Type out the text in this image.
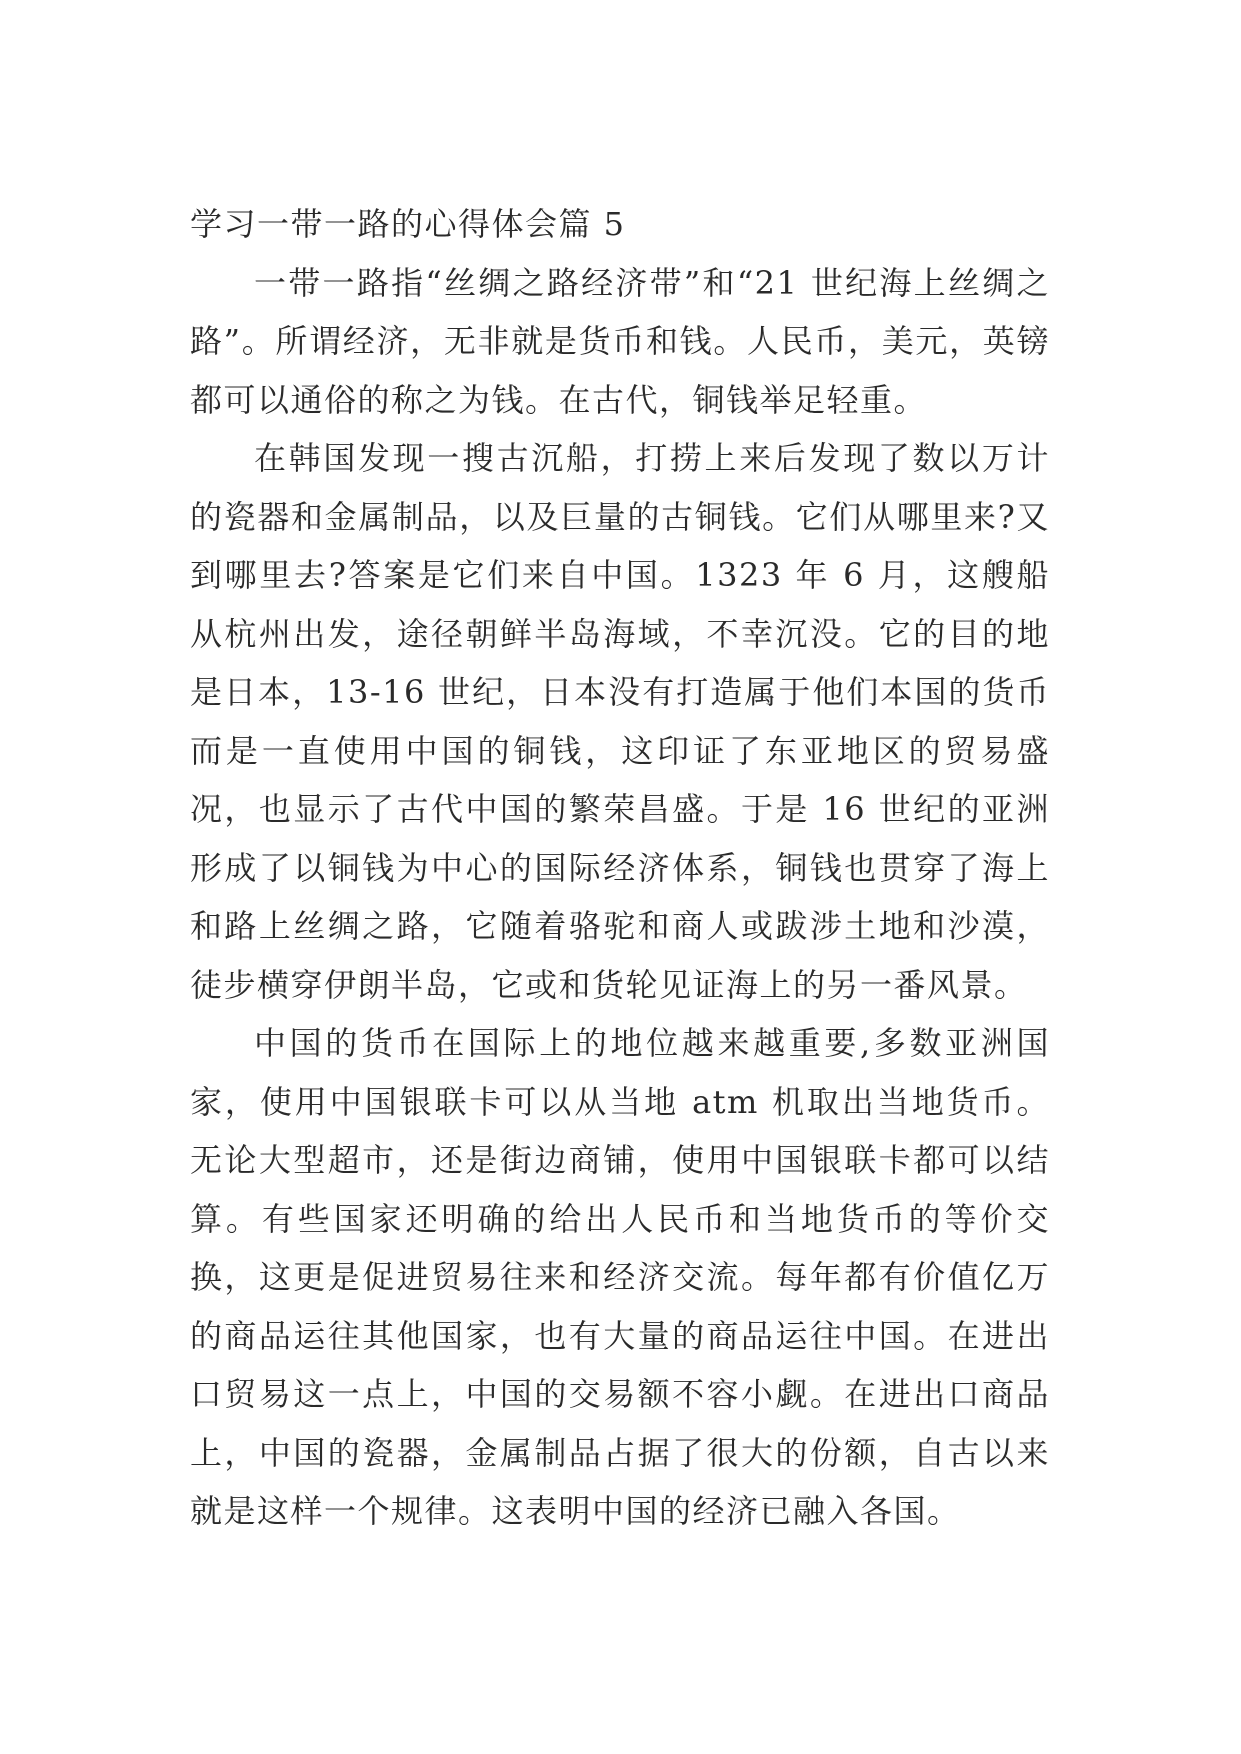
学习一带一路的心得体会篇 5

一带一路指“丝绸之路经济带”和“21 世纪海上丝绸之路”。所谓经济，无非就是货币和钱。人民币，美元，英镑都可以通俗的称之为钱。在古代，铜钱举足轻重。

在韩国发现一搜古沉船，打捞上来后发现了数以万计的瓷器和金属制品，以及巨量的古铜钱。它们从哪里来?又到哪里去?答案是它们来自中国。1323 年 6 月，这艘船从杭州出发，途径朝鲜半岛海域，不幸沉没。它的目的地是日本，13-16 世纪，日本没有打造属于他们本国的货币而是一直使用中国的铜钱，这印证了东亚地区的贸易盛况，也显示了古代中国的繁荣昌盛。于是 16 世纪的亚洲形成了以铜钱为中心的国际经济体系，铜钱也贯穿了海上和路上丝绸之路，它随着骆驼和商人或跋涉土地和沙漠，徒步横穿伊朗半岛，它或和货轮见证海上的另一番风景。

中国的货币在国际上的地位越来越重要,多数亚洲国家，使用中国银联卡可以从当地 atm 机取出当地货币。无论大型超市，还是街边商铺，使用中国银联卡都可以结算。有些国家还明确的给出人民币和当地货币的等价交换，这更是促进贸易往来和经济交流。每年都有价值亿万的商品运往其他国家，也有大量的商品运往中国。在进出口贸易这一点上，中国的交易额不容小觑。在进出口商品上，中国的瓷器，金属制品占据了很大的份额，自古以来就是这样一个规律。这表明中国的经济已融入各国。
